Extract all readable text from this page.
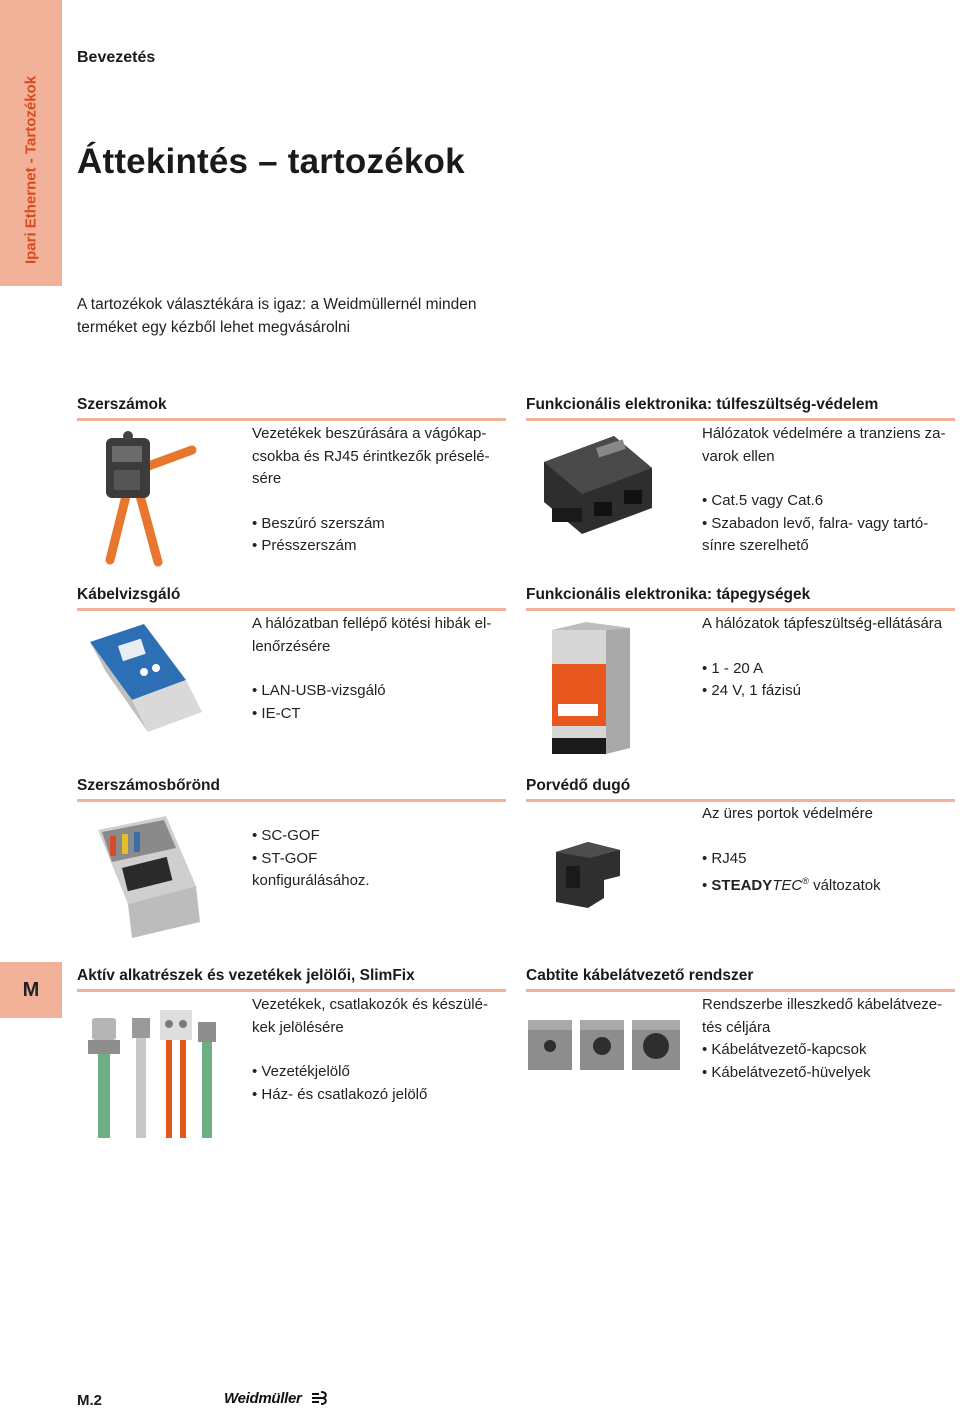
Ipari Ethernet - Tartozékok
M
Bevezetés
Áttekintés – tartozékok
A tartozékok választékára is igaz: a Weidmüllernél minden terméket egy kézből lehet megvásárolni
Szerszámok

Vezetékek beszúrására a vágókap-

csokba és RJ45 érintkezők préselé-

sére

• Beszúró szerszám
• Présszerszám
Funkcionális elektronika: túlfeszültség-védelem

Hálózatok védelmére a tranziens za-

varok ellen

• Cat.5 vagy Cat.6
• Szabadon levő, falra- vagy tartó-

sínre szerelhető

Kábelvizsgáló

A hálózatban fellépő kötési hibák el-

lenőrzésére

• LAN-USB-vizsgáló
• IE-CT
Funkcionális elektronika: tápegységek

A hálózatok tápfeszültség-ellátására

• 1 - 20 A
• 24 V, 1 fázisú
Szerszámosbőrönd
• SC-GOF
• ST-GOF

konfigurálásához.

Porvédő dugó

Az üres portok védelmére

• RJ45
• STEADYTEC® változatok
Aktív alkatrészek és vezetékek jelölői, SlimFix

Vezetékek, csatlakozók és készülé-

kek jelölésére

• Vezetékjelölő
• Ház- és csatlakozó jelölő
Cabtite kábelátvezető rendszer

Rendszerbe illeszkedő kábelátveze-

tés céljára

• Kábelátvezető-kapcsok
• Kábelátvezető-hüvelyek
M.2	Weidmüller
